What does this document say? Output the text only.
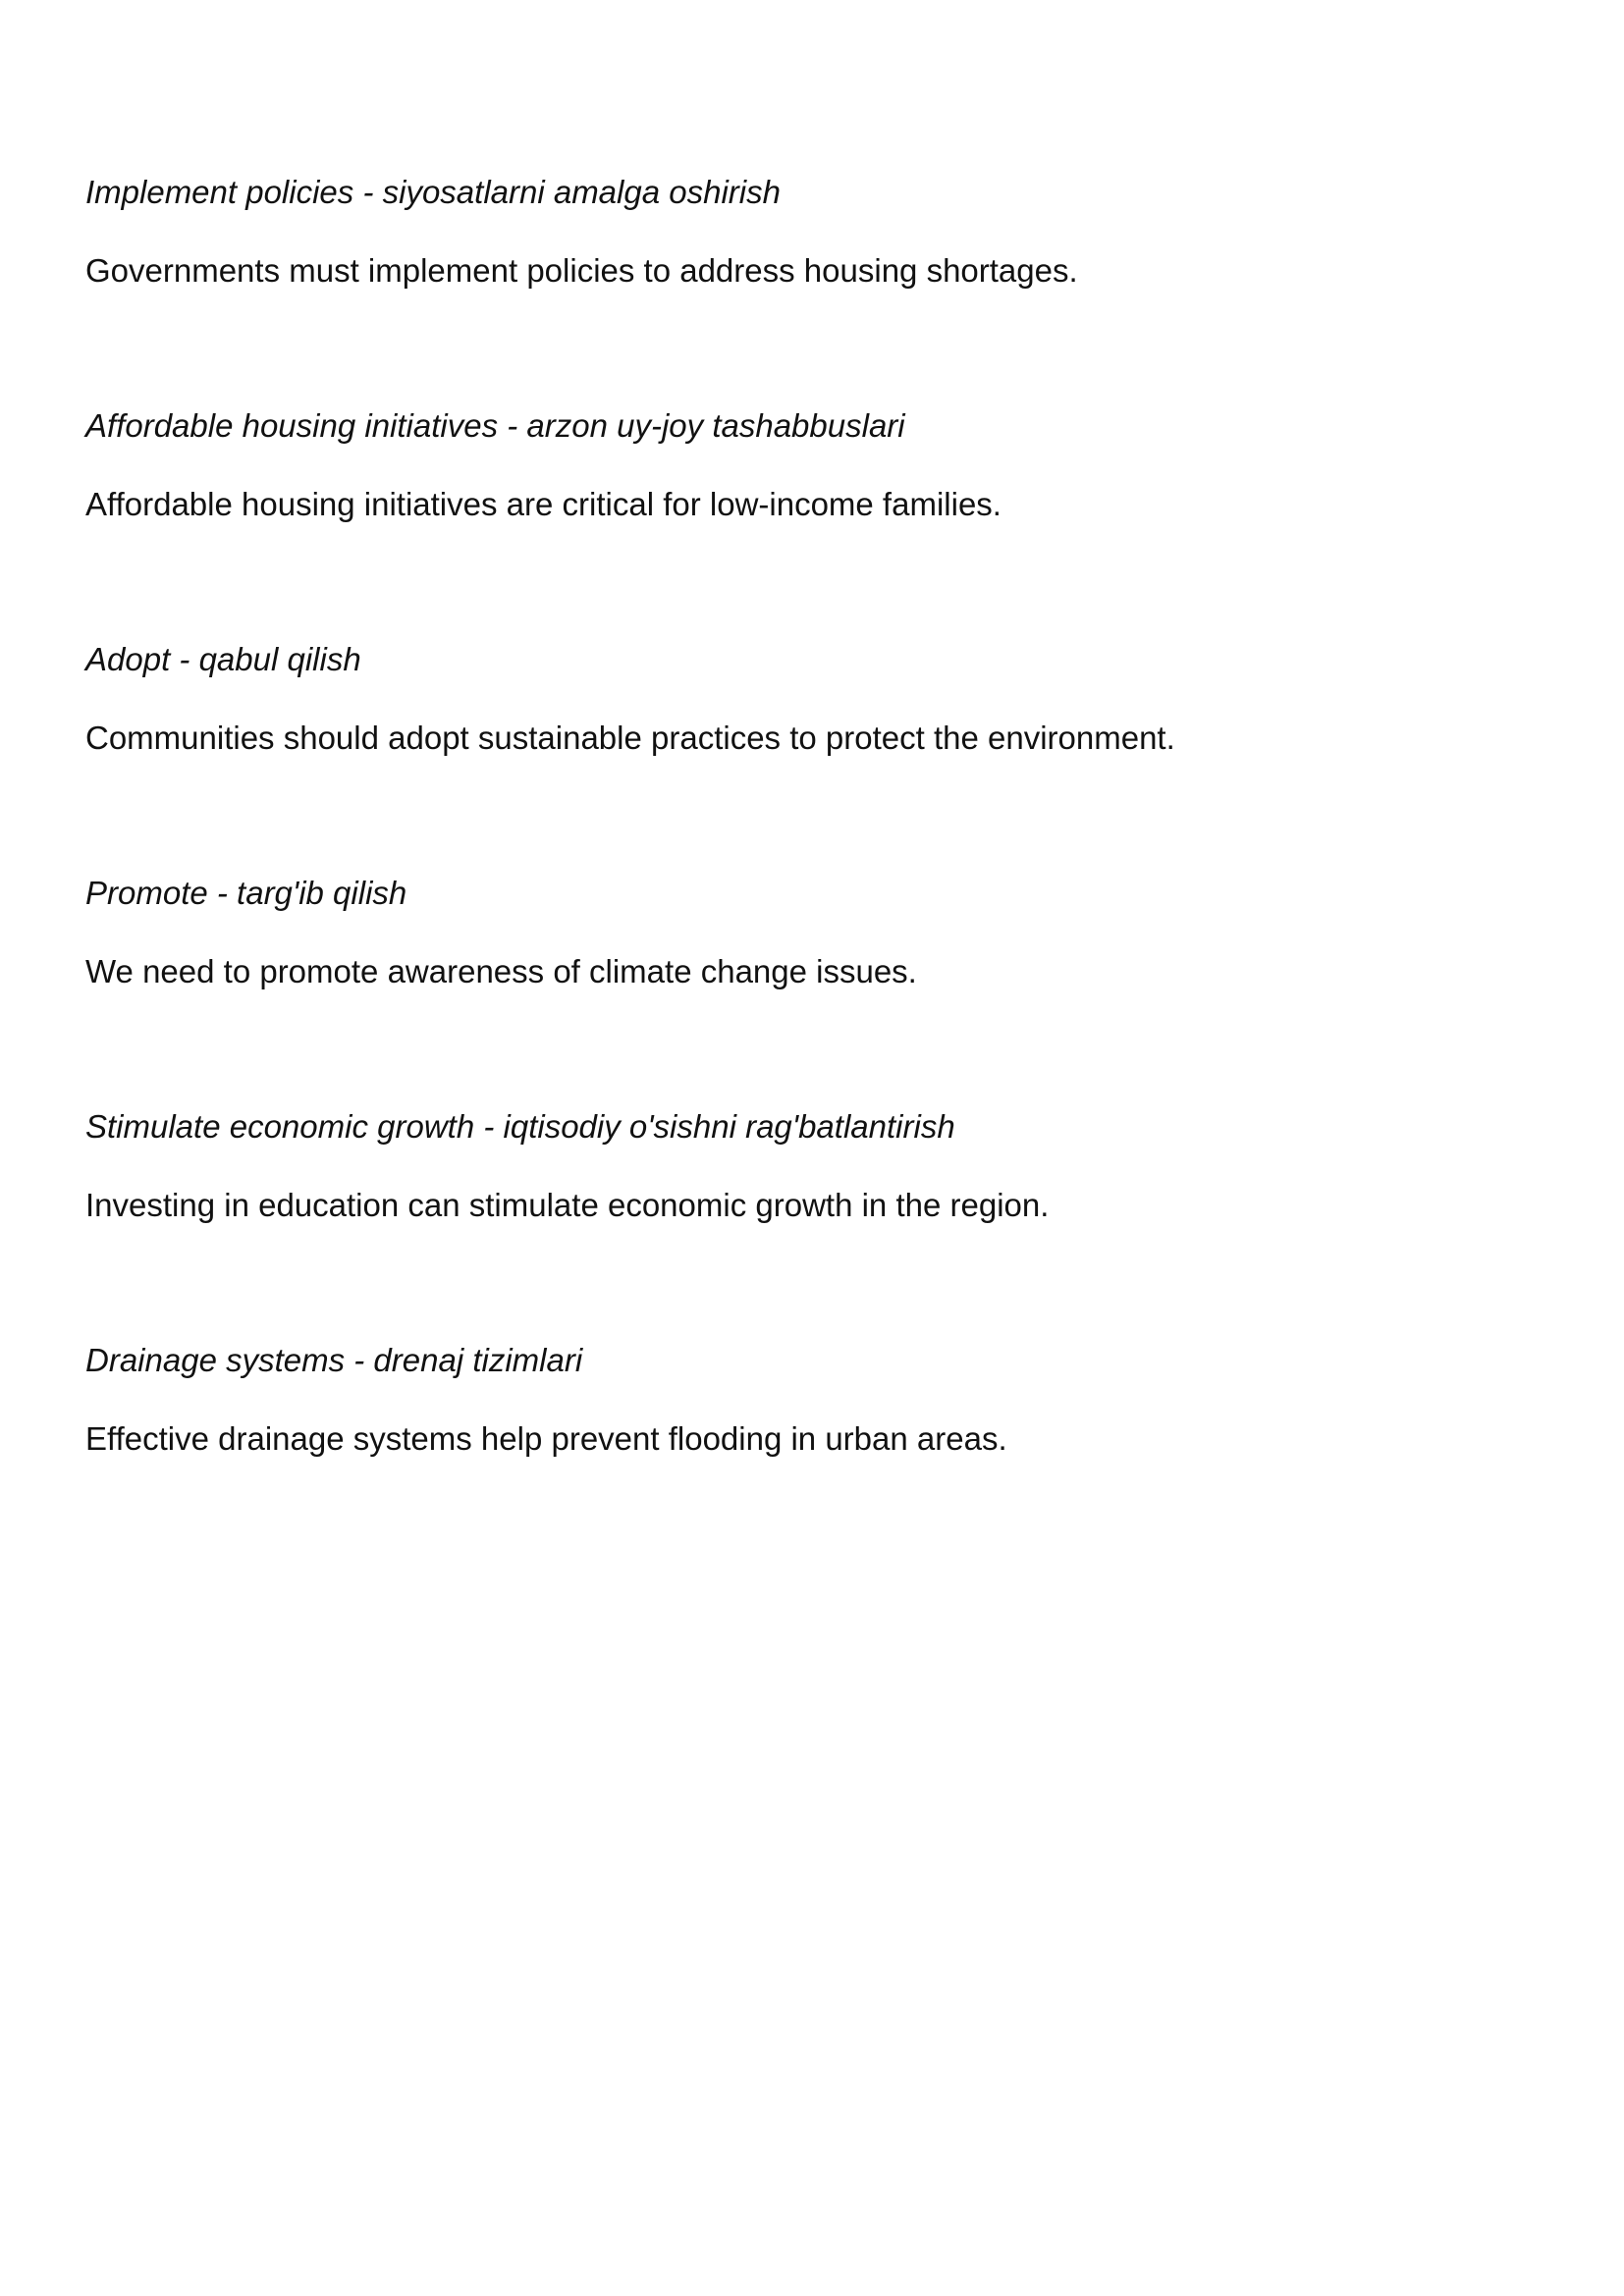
Implement policies - siyosatlarni amalga oshirish

Governments must implement policies to address housing shortages.

Affordable housing initiatives - arzon uy-joy tashabbuslari

Affordable housing initiatives are critical for low-income families.

Adopt - qabul qilish

Communities should adopt sustainable practices to protect the environment.

Promote - targ'ib qilish

We need to promote awareness of climate change issues.

Stimulate economic growth - iqtisodiy o'sishni rag'batlantirish

Investing in education can stimulate economic growth in the region.

Drainage systems - drenaj tizimlari

Effective drainage systems help prevent flooding in urban areas.
